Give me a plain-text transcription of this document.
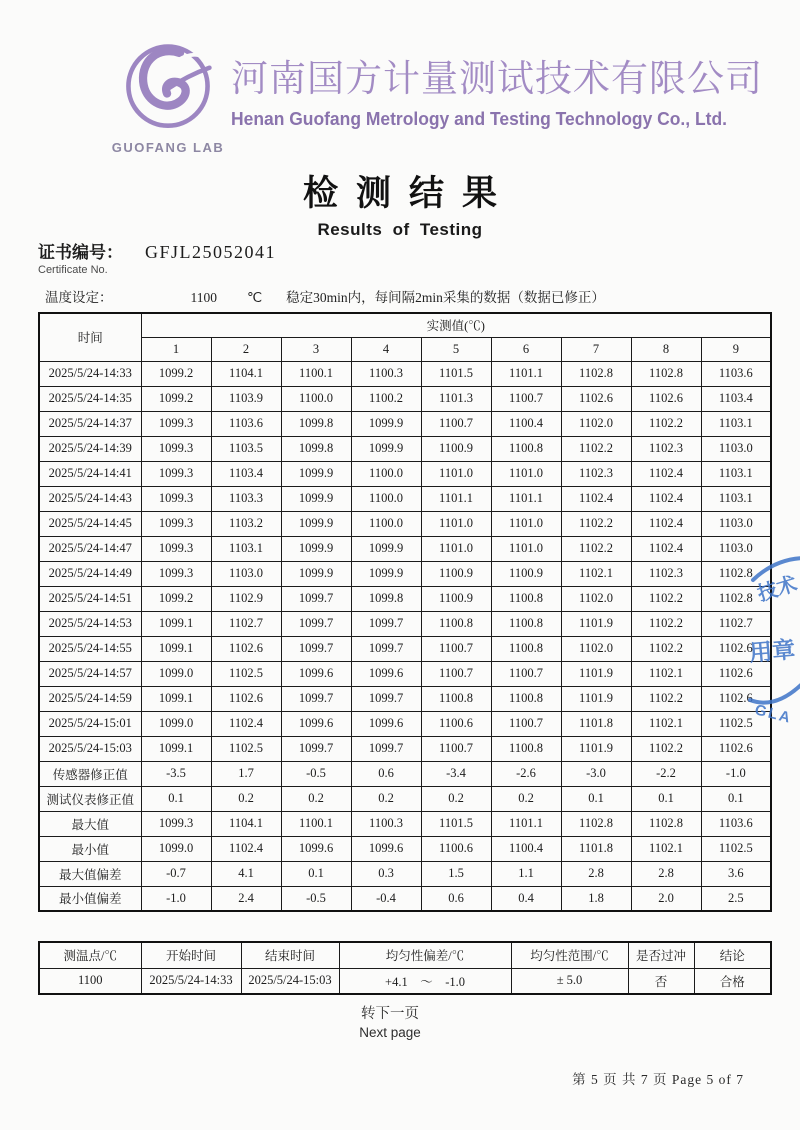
GUOFANG LAB
河南国方计量测试技术有限公司
Henan Guofang Metrology and Testing Technology Co., Ltd.
检测结果
Results of Testing
证书编号： GFJL25052041
Certificate No.
温度设定：	1100 ℃ 稳定30min内，每间隔2min采集的数据（数据已修正）
时间	实测值(℃)								
	1	2	3	4	5	6	7	8	9
2025/5/24-14:33	1099.2	1104.1	1100.1	1100.3	1101.5	1101.1	1102.8	1102.8	1103.6
2025/5/24-14:35	1099.2	1103.9	1100.0	1100.2	1101.3	1100.7	1102.6	1102.6	1103.4
2025/5/24-14:37	1099.3	1103.6	1099.8	1099.9	1100.7	1100.4	1102.0	1102.2	1103.1
2025/5/24-14:39	1099.3	1103.5	1099.8	1099.9	1100.9	1100.8	1102.2	1102.3	1103.0
2025/5/24-14:41	1099.3	1103.4	1099.9	1100.0	1101.0	1101.0	1102.3	1102.4	1103.1
2025/5/24-14:43	1099.3	1103.3	1099.9	1100.0	1101.1	1101.1	1102.4	1102.4	1103.1
2025/5/24-14:45	1099.3	1103.2	1099.9	1100.0	1101.0	1101.0	1102.2	1102.4	1103.0
2025/5/24-14:47	1099.3	1103.1	1099.9	1099.9	1101.0	1101.0	1102.2	1102.4	1103.0
2025/5/24-14:49	1099.3	1103.0	1099.9	1099.9	1100.9	1100.9	1102.1	1102.3	1102.8
2025/5/24-14:51	1099.2	1102.9	1099.7	1099.8	1100.9	1100.8	1102.0	1102.2	1102.8
2025/5/24-14:53	1099.1	1102.7	1099.7	1099.7	1100.8	1100.8	1101.9	1102.2	1102.7
2025/5/24-14:55	1099.1	1102.6	1099.7	1099.7	1100.7	1100.8	1102.0	1102.2	1102.6
2025/5/24-14:57	1099.0	1102.5	1099.6	1099.6	1100.7	1100.7	1101.9	1102.1	1102.6
2025/5/24-14:59	1099.1	1102.6	1099.7	1099.7	1100.8	1100.8	1101.9	1102.2	1102.6
2025/5/24-15:01	1099.0	1102.4	1099.6	1099.6	1100.6	1100.7	1101.8	1102.1	1102.5
2025/5/24-15:03	1099.1	1102.5	1099.7	1099.7	1100.7	1100.8	1101.9	1102.2	1102.6
传感器修正值	-3.5	1.7	-0.5	0.6	-3.4	-2.6	-3.0	-2.2	-1.0
测试仪表修正值	0.1	0.2	0.2	0.2	0.2	0.2	0.1	0.1	0.1
最大值	1099.3	1104.1	1100.1	1100.3	1101.5	1101.1	1102.8	1102.8	1103.6
最小值	1099.0	1102.4	1099.6	1099.6	1100.6	1100.4	1101.8	1102.1	1102.5
最大值偏差	-0.7	4.1	0.1	0.3	1.5	1.1	2.8	2.8	3.6
最小值偏差	-1.0	2.4	-0.5	-0.4	0.6	0.4	1.8	2.0	2.5
测温点/℃	开始时间	结束时间	均匀性偏差/℃	均匀性范围/℃	是否过冲	结论
1100	2025/5/24-14:33	2025/5/24-15:03	+4.1　～　-1.0	± 5.0	否	合格
转下一页
Next page
第 5 页 共 7 页 Page 5 of 7
技术
用章
GLA
